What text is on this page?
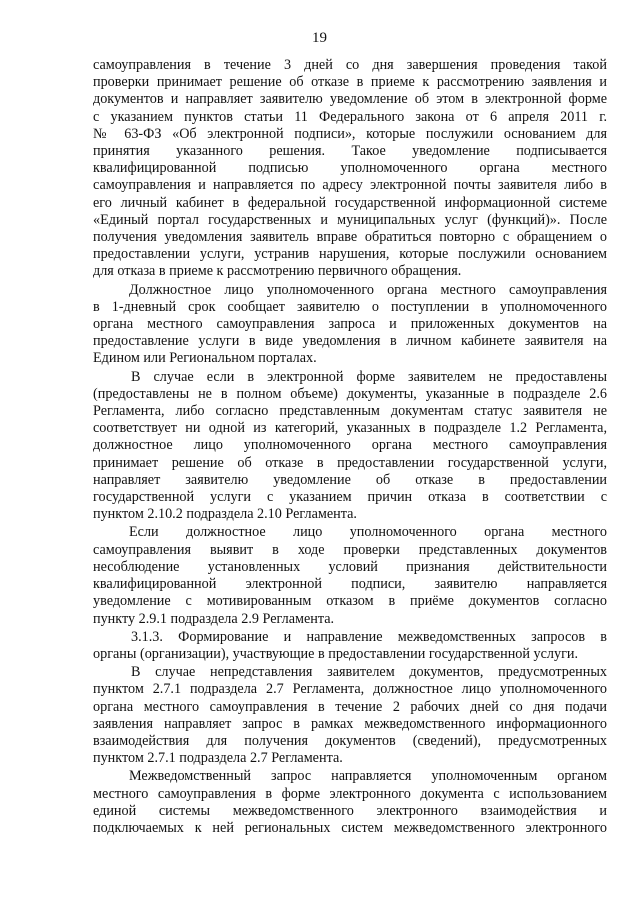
19
самоуправления в течение 3 дней со дня завершения проведения такой
проверки принимает решение об отказе в приеме к рассмотрению заявления и
документов и направляет заявителю уведомление об этом в электронной форме
с указанием пунктов статьи 11 Федерального закона от 6 апреля 2011 г.
№ 63-ФЗ «Об электронной подписи», которые послужили основанием для
принятия указанного решения. Такое уведомление подписывается
квалифицированной подписью уполномоченного органа местного
самоуправления и направляется по адресу электронной почты заявителя либо в
его личный кабинет в федеральной государственной информационной системе
«Единый портал государственных и муниципальных услуг (функций)». После
получения уведомления заявитель вправе обратиться повторно с обращением о
предоставлении услуги, устранив нарушения, которые послужили основанием
для отказа в приеме к рассмотрению первичного обращения.
Должностное лицо уполномоченного органа местного самоуправления
в 1-дневный срок сообщает заявителю о поступлении в уполномоченного
органа местного самоуправления запроса и приложенных документов на
предоставление услуги в виде уведомления в личном кабинете заявителя на
Едином или Региональном порталах.
В случае если в электронной форме заявителем не предоставлены
(предоставлены не в полном объеме) документы, указанные в подразделе 2.6
Регламента, либо согласно представленным документам статус заявителя не
соответствует ни одной из категорий, указанных в подразделе 1.2 Регламента,
должностное лицо уполномоченного органа местного самоуправления
принимает решение об отказе в предоставлении государственной услуги,
направляет заявителю уведомление об отказе в предоставлении
государственной услуги с указанием причин отказа в соответствии с
пунктом 2.10.2 подраздела 2.10 Регламента.
Если должностное лицо уполномоченного органа местного
самоуправления выявит в ходе проверки представленных документов
несоблюдение установленных условий признания действительности
квалифицированной электронной подписи, заявителю направляется
уведомление с мотивированным отказом в приёме документов согласно
пункту 2.9.1 подраздела 2.9 Регламента.
3.1.3. Формирование и направление межведомственных запросов в
органы (организации), участвующие в предоставлении государственной услуги.
В случае непредставления заявителем документов, предусмотренных
пунктом 2.7.1 подраздела 2.7 Регламента, должностное лицо уполномоченного
органа местного самоуправления в течение 2 рабочих дней со дня подачи
заявления направляет запрос в рамках межведомственного информационного
взаимодействия для получения документов (сведений), предусмотренных
пунктом 2.7.1 подраздела 2.7 Регламента.
Межведомственный запрос направляется уполномоченным органом
местного самоуправления в форме электронного документа с использованием
единой системы межведомственного электронного взаимодействия и
подключаемых к ней региональных систем межведомственного электронного
